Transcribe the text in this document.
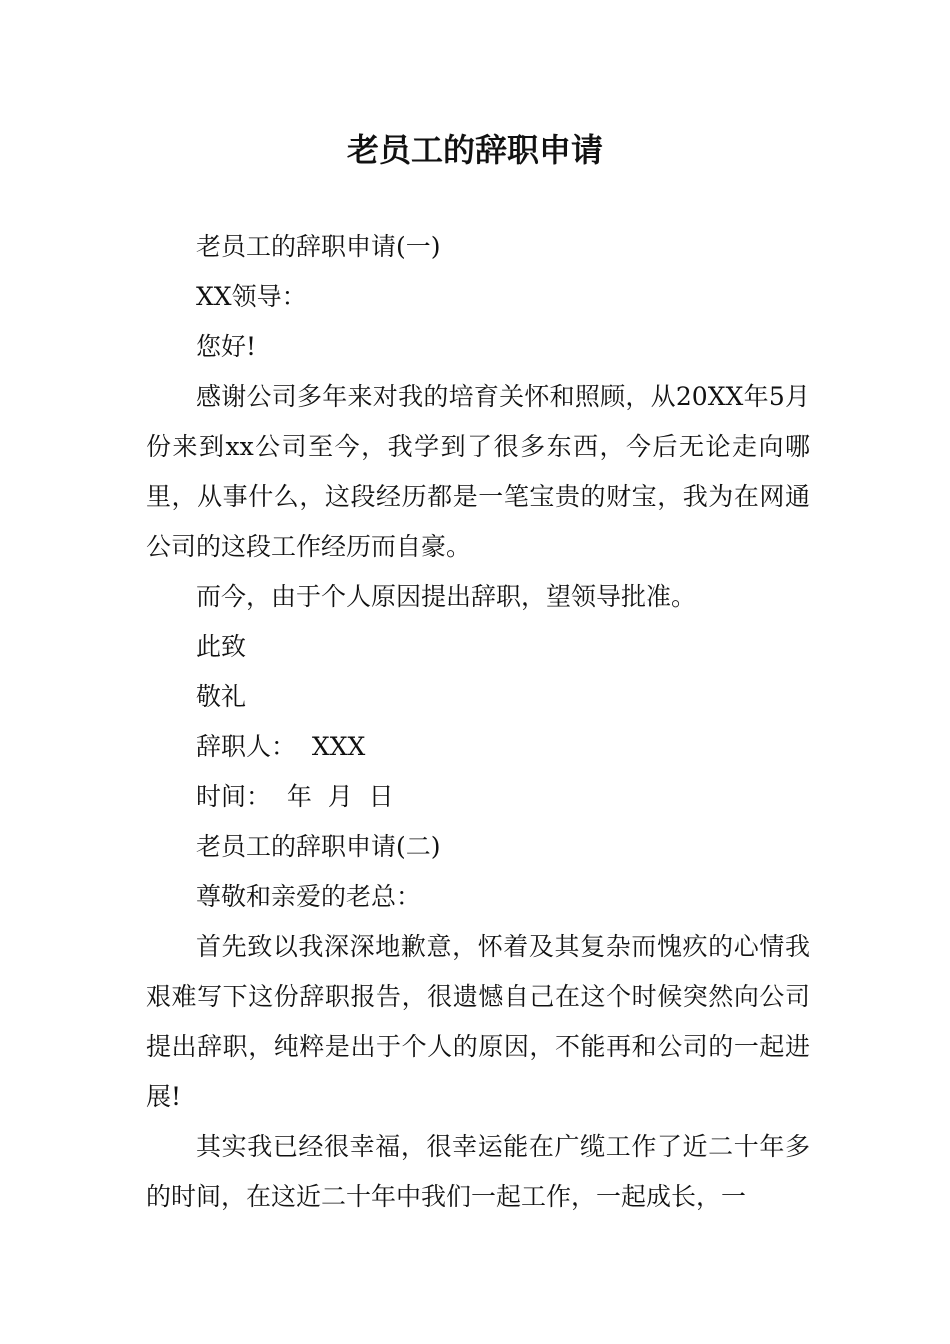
老员工的辞职申请

老员工的辞职申请(一)

XX领导：

您好!

感谢公司多年来对我的培育关怀和照顾，从20XX年5月份来到xx公司至今，我学到了很多东西，今后无论走向哪里，从事什么，这段经历都是一笔宝贵的财宝，我为在网通公司的这段工作经历而自豪。

而今，由于个人原因提出辞职，望领导批准。

此致

敬礼

辞职人：  XXX

时间：  年  月  日

老员工的辞职申请(二)

尊敬和亲爱的老总：

首先致以我深深地歉意，怀着及其复杂而愧疚的心情我艰难写下这份辞职报告，很遗憾自己在这个时候突然向公司提出辞职，纯粹是出于个人的原因，不能再和公司的一起进展!

其实我已经很幸福，很幸运能在广缆工作了近二十年多的时间，在这近二十年中我们一起工作，一起成长，一
